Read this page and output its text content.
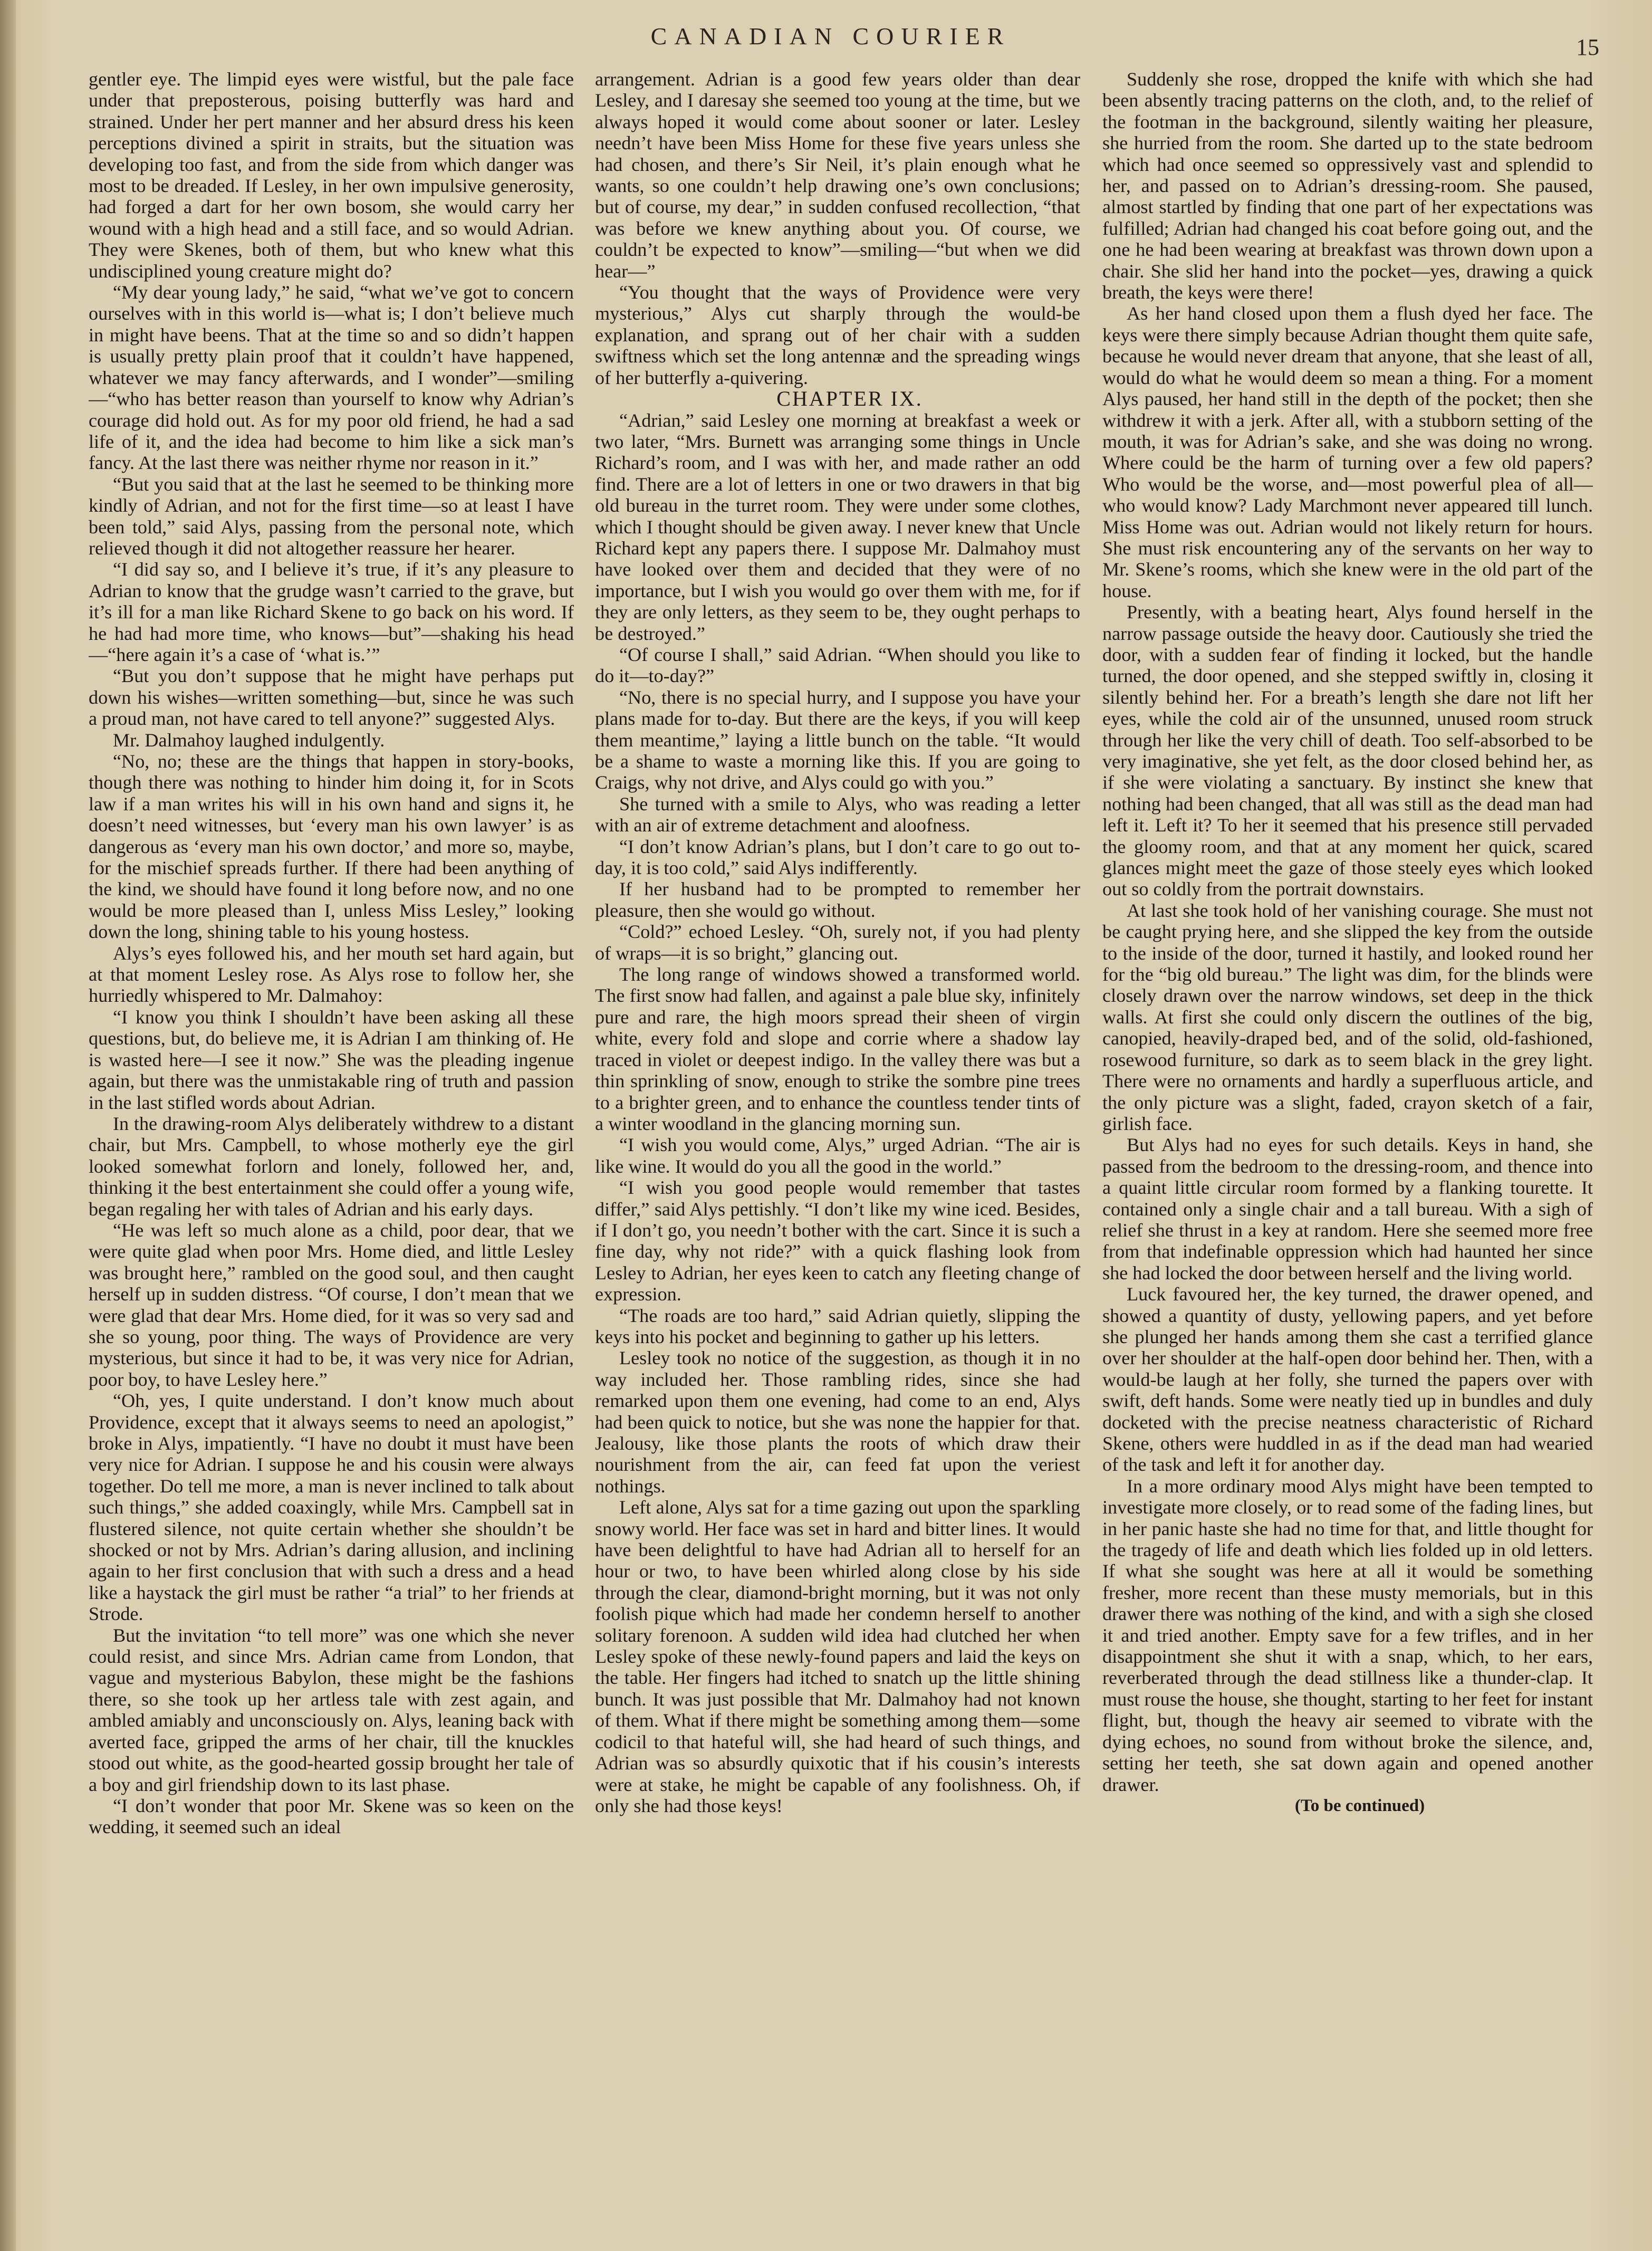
CANADIAN COURIER	15

gentler eye. The limpid eyes were wistful, but the pale face under that preposterous, poising butterfly was hard and strained. Under her pert manner and her absurd dress his keen perceptions divined a spirit in straits, but the situation was developing too fast, and from the side from which danger was most to be dreaded. If Lesley, in her own impulsive generosity, had forged a dart for her own bosom, she would carry her wound with a high head and a still face, and so would Adrian. They were Skenes, both of them, but who knew what this undisciplined young creature might do?

“My dear young lady,” he said, “what we’ve got to concern ourselves with in this world is—what is; I don’t believe much in might have beens. That at the time so and so didn’t happen is usually pretty plain proof that it couldn’t have happened, whatever we may fancy afterwards, and I wonder”—smiling—“who has better reason than yourself to know why Adrian’s courage did hold out. As for my poor old friend, he had a sad life of it, and the idea had become to him like a sick man’s fancy. At the last there was neither rhyme nor reason in it.”

“But you said that at the last he seemed to be thinking more kindly of Adrian, and not for the first time—so at least I have been told,” said Alys, passing from the personal note, which relieved though it did not altogether reassure her hearer.

“I did say so, and I believe it’s true, if it’s any pleasure to Adrian to know that the grudge wasn’t carried to the grave, but it’s ill for a man like Richard Skene to go back on his word. If he had had more time, who knows—but”—shaking his head—“here again it’s a case of ‘what is.’”

“But you don’t suppose that he might have perhaps put down his wishes—written something—but, since he was such a proud man, not have cared to tell anyone?” suggested Alys.

Mr. Dalmahoy laughed indulgently.

“No, no; these are the things that happen in story-books, though there was nothing to hinder him doing it, for in Scots law if a man writes his will in his own hand and signs it, he doesn’t need witnesses, but ‘every man his own lawyer’ is as dangerous as ‘every man his own doctor,’ and more so, maybe, for the mischief spreads further. If there had been anything of the kind, we should have found it long before now, and no one would be more pleased than I, unless Miss Lesley,” looking down the long, shining table to his young hostess.

Alys’s eyes followed his, and her mouth set hard again, but at that moment Lesley rose. As Alys rose to follow her, she hurriedly whispered to Mr. Dalmahoy:

“I know you think I shouldn’t have been asking all these questions, but, do believe me, it is Adrian I am thinking of. He is wasted here—I see it now.” She was the pleading ingenue again, but there was the unmistakable ring of truth and passion in the last stifled words about Adrian.

In the drawing-room Alys deliberately withdrew to a distant chair, but Mrs. Campbell, to whose motherly eye the girl looked somewhat forlorn and lonely, followed her, and, thinking it the best entertainment she could offer a young wife, began regaling her with tales of Adrian and his early days.

“He was left so much alone as a child, poor dear, that we were quite glad when poor Mrs. Home died, and little Lesley was brought here,” rambled on the good soul, and then caught herself up in sudden distress. “Of course, I don’t mean that we were glad that dear Mrs. Home died, for it was so very sad and she so young, poor thing. The ways of Providence are very mysterious, but since it had to be, it was very nice for Adrian, poor boy, to have Lesley here.”

“Oh, yes, I quite understand. I don’t know much about Providence, except that it always seems to need an apologist,” broke in Alys, impatiently. “I have no doubt it must have been very nice for Adrian. I suppose he and his cousin were always together. Do tell me more, a man is never inclined to talk about such things,” she added coaxingly, while Mrs. Campbell sat in flustered silence, not quite certain whether she shouldn’t be shocked or not by Mrs. Adrian’s daring allusion, and inclining again to her first conclusion that with such a dress and a head like a haystack the girl must be rather “a trial” to her friends at Strode.

But the invitation “to tell more” was one which she never could resist, and since Mrs. Adrian came from London, that vague and mysterious Babylon, these might be the fashions there, so she took up her artless tale with zest again, and ambled amiably and unconsciously on. Alys, leaning back with averted face, gripped the arms of her chair, till the knuckles stood out white, as the good-hearted gossip brought her tale of a boy and girl friendship down to its last phase.

“I don’t wonder that poor Mr. Skene was so keen on the wedding, it seemed such an ideal

arrangement. Adrian is a good few years older than dear Lesley, and I daresay she seemed too young at the time, but we always hoped it would come about sooner or later. Lesley needn’t have been Miss Home for these five years unless she had chosen, and there’s Sir Neil, it’s plain enough what he wants, so one couldn’t help drawing one’s own conclusions; but of course, my dear,” in sudden confused recollection, “that was before we knew anything about you. Of course, we couldn’t be expected to know”—smiling—“but when we did hear—”

“You thought that the ways of Providence were very mysterious,” Alys cut sharply through the would-be explanation, and sprang out of her chair with a sudden swiftness which set the long antennæ and the spreading wings of her butterfly a-quivering.

CHAPTER IX.

“Adrian,” said Lesley one morning at breakfast a week or two later, “Mrs. Burnett was arranging some things in Uncle Richard’s room, and I was with her, and made rather an odd find. There are a lot of letters in one or two drawers in that big old bureau in the turret room. They were under some clothes, which I thought should be given away. I never knew that Uncle Richard kept any papers there. I suppose Mr. Dalmahoy must have looked over them and decided that they were of no importance, but I wish you would go over them with me, for if they are only letters, as they seem to be, they ought perhaps to be destroyed.”

“Of course I shall,” said Adrian. “When should you like to do it—to-day?”

“No, there is no special hurry, and I suppose you have your plans made for to-day. But there are the keys, if you will keep them meantime,” laying a little bunch on the table. “It would be a shame to waste a morning like this. If you are going to Craigs, why not drive, and Alys could go with you.”

She turned with a smile to Alys, who was reading a letter with an air of extreme detachment and aloofness.

“I don’t know Adrian’s plans, but I don’t care to go out to-day, it is too cold,” said Alys indifferently.

If her husband had to be prompted to remember her pleasure, then she would go without.

“Cold?” echoed Lesley. “Oh, surely not, if you had plenty of wraps—it is so bright,” glancing out.

The long range of windows showed a transformed world. The first snow had fallen, and against a pale blue sky, infinitely pure and rare, the high moors spread their sheen of virgin white, every fold and slope and corrie where a shadow lay traced in violet or deepest indigo. In the valley there was but a thin sprinkling of snow, enough to strike the sombre pine trees to a brighter green, and to enhance the countless tender tints of a winter woodland in the glancing morning sun.

“I wish you would come, Alys,” urged Adrian. “The air is like wine. It would do you all the good in the world.”

“I wish you good people would remember that tastes differ,” said Alys pettishly. “I don’t like my wine iced. Besides, if I don’t go, you needn’t bother with the cart. Since it is such a fine day, why not ride?” with a quick flashing look from Lesley to Adrian, her eyes keen to catch any fleeting change of expression.

“The roads are too hard,” said Adrian quietly, slipping the keys into his pocket and beginning to gather up his letters.

Lesley took no notice of the suggestion, as though it in no way included her. Those rambling rides, since she had remarked upon them one evening, had come to an end, Alys had been quick to notice, but she was none the happier for that. Jealousy, like those plants the roots of which draw their nourishment from the air, can feed fat upon the veriest nothings.

Left alone, Alys sat for a time gazing out upon the sparkling snowy world. Her face was set in hard and bitter lines. It would have been delightful to have had Adrian all to herself for an hour or two, to have been whirled along close by his side through the clear, diamond-bright morning, but it was not only foolish pique which had made her condemn herself to another solitary forenoon. A sudden wild idea had clutched her when Lesley spoke of these newly-found papers and laid the keys on the table. Her fingers had itched to snatch up the little shining bunch. It was just possible that Mr. Dalmahoy had not known of them. What if there might be something among them—some codicil to that hateful will, she had heard of such things, and Adrian was so absurdly quixotic that if his cousin’s interests were at stake, he might be capable of any foolishness. Oh, if only she had those keys!

Suddenly she rose, dropped the knife with which she had been absently tracing patterns on the cloth, and, to the relief of the footman in the background, silently waiting her pleasure, she hurried from the room. She darted up to the state bedroom which had once seemed so oppressively vast and splendid to her, and passed on to Adrian’s dressing-room. She paused, almost startled by finding that one part of her expectations was fulfilled; Adrian had changed his coat before going out, and the one he had been wearing at breakfast was thrown down upon a chair. She slid her hand into the pocket—yes, drawing a quick breath, the keys were there!

As her hand closed upon them a flush dyed her face. The keys were there simply because Adrian thought them quite safe, because he would never dream that anyone, that she least of all, would do what he would deem so mean a thing. For a moment Alys paused, her hand still in the depth of the pocket; then she withdrew it with a jerk. After all, with a stubborn setting of the mouth, it was for Adrian’s sake, and she was doing no wrong. Where could be the harm of turning over a few old papers? Who would be the worse, and—most powerful plea of all—who would know? Lady Marchmont never appeared till lunch. Miss Home was out. Adrian would not likely return for hours. She must risk encountering any of the servants on her way to Mr. Skene’s rooms, which she knew were in the old part of the house.

Presently, with a beating heart, Alys found herself in the narrow passage outside the heavy door. Cautiously she tried the door, with a sudden fear of finding it locked, but the handle turned, the door opened, and she stepped swiftly in, closing it silently behind her. For a breath’s length she dare not lift her eyes, while the cold air of the unsunned, unused room struck through her like the very chill of death. Too self-absorbed to be very imaginative, she yet felt, as the door closed behind her, as if she were violating a sanctuary. By instinct she knew that nothing had been changed, that all was still as the dead man had left it. Left it? To her it seemed that his presence still pervaded the gloomy room, and that at any moment her quick, scared glances might meet the gaze of those steely eyes which looked out so coldly from the portrait downstairs.

At last she took hold of her vanishing courage. She must not be caught prying here, and she slipped the key from the outside to the inside of the door, turned it hastily, and looked round her for the “big old bureau.” The light was dim, for the blinds were closely drawn over the narrow windows, set deep in the thick walls. At first she could only discern the outlines of the big, canopied, heavily-draped bed, and of the solid, old-fashioned, rosewood furniture, so dark as to seem black in the grey light. There were no ornaments and hardly a superfluous article, and the only picture was a slight, faded, crayon sketch of a fair, girlish face.

But Alys had no eyes for such details. Keys in hand, she passed from the bedroom to the dressing-room, and thence into a quaint little circular room formed by a flanking tourette. It contained only a single chair and a tall bureau. With a sigh of relief she thrust in a key at random. Here she seemed more free from that indefinable oppression which had haunted her since she had locked the door between herself and the living world.

Luck favoured her, the key turned, the drawer opened, and showed a quantity of dusty, yellowing papers, and yet before she plunged her hands among them she cast a terrified glance over her shoulder at the half-open door behind her. Then, with a would-be laugh at her folly, she turned the papers over with swift, deft hands. Some were neatly tied up in bundles and duly docketed with the precise neatness characteristic of Richard Skene, others were huddled in as if the dead man had wearied of the task and left it for another day.

In a more ordinary mood Alys might have been tempted to investigate more closely, or to read some of the fading lines, but in her panic haste she had no time for that, and little thought for the tragedy of life and death which lies folded up in old letters. If what she sought was here at all it would be something fresher, more recent than these musty memorials, but in this drawer there was nothing of the kind, and with a sigh she closed it and tried another. Empty save for a few trifles, and in her disappointment she shut it with a snap, which, to her ears, reverberated through the dead stillness like a thunder-clap. It must rouse the house, she thought, starting to her feet for instant flight, but, though the heavy air seemed to vibrate with the dying echoes, no sound from without broke the silence, and, setting her teeth, she sat down again and opened another drawer.

(To be continued)
